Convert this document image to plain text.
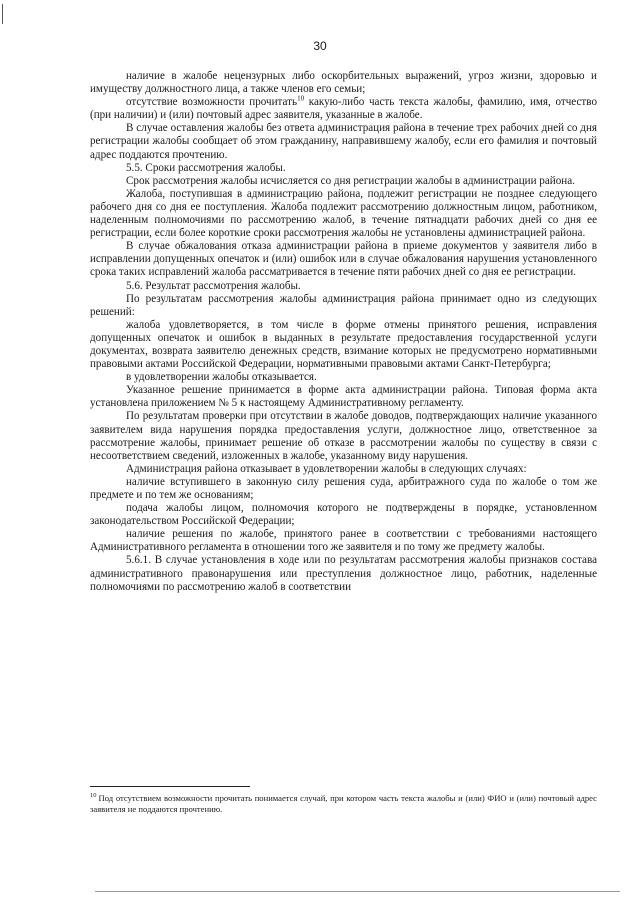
30

наличие в жалобе нецензурных либо оскорбительных выражений, угроз жизни, здоровью и имуществу должностного лица, а также членов его семьи;

отсутствие возможности прочитать$^{10}$ какую-либо часть текста жалобы, фамилию, имя, отчество (при наличии) и (или) почтовый адрес заявителя, указанные в жалобе.

В случае оставления жалобы без ответа администрация района в течение трех рабочих дней со дня регистрации жалобы сообщает об этом гражданину, направившему жалобу, если его фамилия и почтовый адрес поддаются прочтению.

5.5. Сроки рассмотрения жалобы.

Срок рассмотрения жалобы исчисляется со дня регистрации жалобы в администрации района.

Жалоба, поступившая в администрацию района, подлежит регистрации не позднее следующего рабочего дня со дня ее поступления. Жалоба подлежит рассмотрению должностным лицом, работником, наделенным полномочиями по рассмотрению жалоб, в течение пятнадцати рабочих дней со дня ее регистрации, если более короткие сроки рассмотрения жалобы не установлены администрацией района.

В случае обжалования отказа администрации района в приеме документов у заявителя либо в исправлении допущенных опечаток и (или) ошибок или в случае обжалования нарушения установленного срока таких исправлений жалоба рассматривается в течение пяти рабочих дней со дня ее регистрации.

5.6. Результат рассмотрения жалобы.

По результатам рассмотрения жалобы администрация района принимает одно из следующих решений:

жалоба удовлетворяется, в том числе в форме отмены принятого решения, исправления допущенных опечаток и ошибок в выданных в результате предоставления государственной услуги документах, возврата заявителю денежных средств, взимание которых не предусмотрено нормативными правовыми актами Российской Федерации, нормативными правовыми актами Санкт-Петербурга;

в удовлетворении жалобы отказывается.

Указанное решение принимается в форме акта администрации района. Типовая форма акта установлена приложением № 5 к настоящему Административному регламенту.

По результатам проверки при отсутствии в жалобе доводов, подтверждающих наличие указанного заявителем вида нарушения порядка предоставления услуги, должностное лицо, ответственное за рассмотрение жалобы, принимает решение об отказе в рассмотрении жалобы по существу в связи с несоответствием сведений, изложенных в жалобе, указанному виду нарушения.

Администрация района отказывает в удовлетворении жалобы в следующих случаях:

наличие вступившего в законную силу решения суда, арбитражного суда по жалобе о том же предмете и по тем же основаниям;

подача жалобы лицом, полномочия которого не подтверждены в порядке, установленном законодательством Российской Федерации;

наличие решения по жалобе, принятого ранее в соответствии с требованиями настоящего Административного регламента в отношении того же заявителя и по тому же предмету жалобы.

5.6.1. В случае установления в ходе или по результатам рассмотрения жалобы признаков состава административного правонарушения или преступления должностное лицо, работник, наделенные полномочиями по рассмотрению жалоб в соответствии

$^{10}$ Под отсутствием возможности прочитать понимается случай, при котором часть текста жалобы и (или) ФИО и (или) почтовый адрес заявителя не поддаются прочтению.
